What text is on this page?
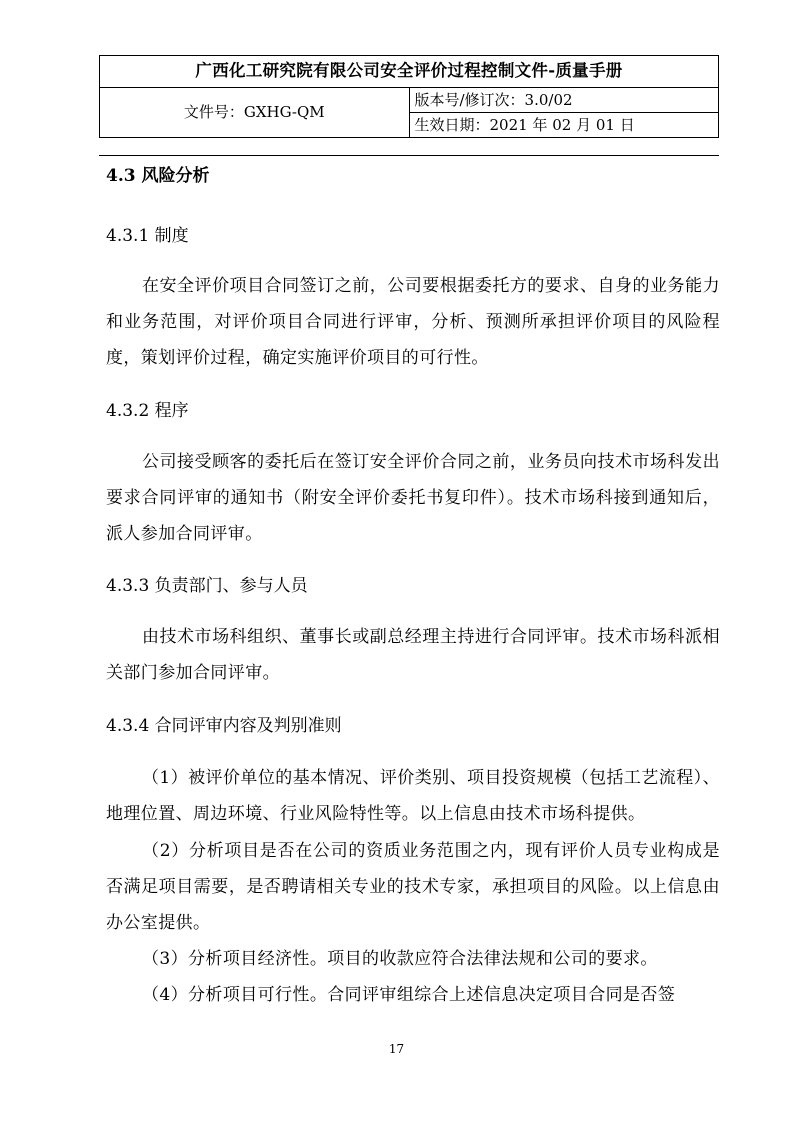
广西化工研究院有限公司安全评价过程控制文件-质量手册
文件号：GXHG-QM	版本号/修订次：3.0/02
生效日期：2021 年 02 月 01 日
4.3 风险分析
4.3.1 制度
在安全评价项目合同签订之前，公司要根据委托方的要求、自身的业务能力和业务范围，对评价项目合同进行评审，分析、预测所承担评价项目的风险程度，策划评价过程，确定实施评价项目的可行性。
4.3.2 程序
公司接受顾客的委托后在签订安全评价合同之前，业务员向技术市场科发出要求合同评审的通知书（附安全评价委托书复印件）。技术市场科接到通知后，派人参加合同评审。
4.3.3 负责部门、参与人员
由技术市场科组织、董事长或副总经理主持进行合同评审。技术市场科派相关部门参加合同评审。
4.3.4 合同评审内容及判别准则
（1）被评价单位的基本情况、评价类别、项目投资规模（包括工艺流程）、地理位置、周边环境、行业风险特性等。以上信息由技术市场科提供。
（2）分析项目是否在公司的资质业务范围之内，现有评价人员专业构成是否满足项目需要，是否聘请相关专业的技术专家，承担项目的风险。以上信息由办公室提供。
（3）分析项目经济性。项目的收款应符合法律法规和公司的要求。
（4）分析项目可行性。合同评审组综合上述信息决定项目合同是否签
17
